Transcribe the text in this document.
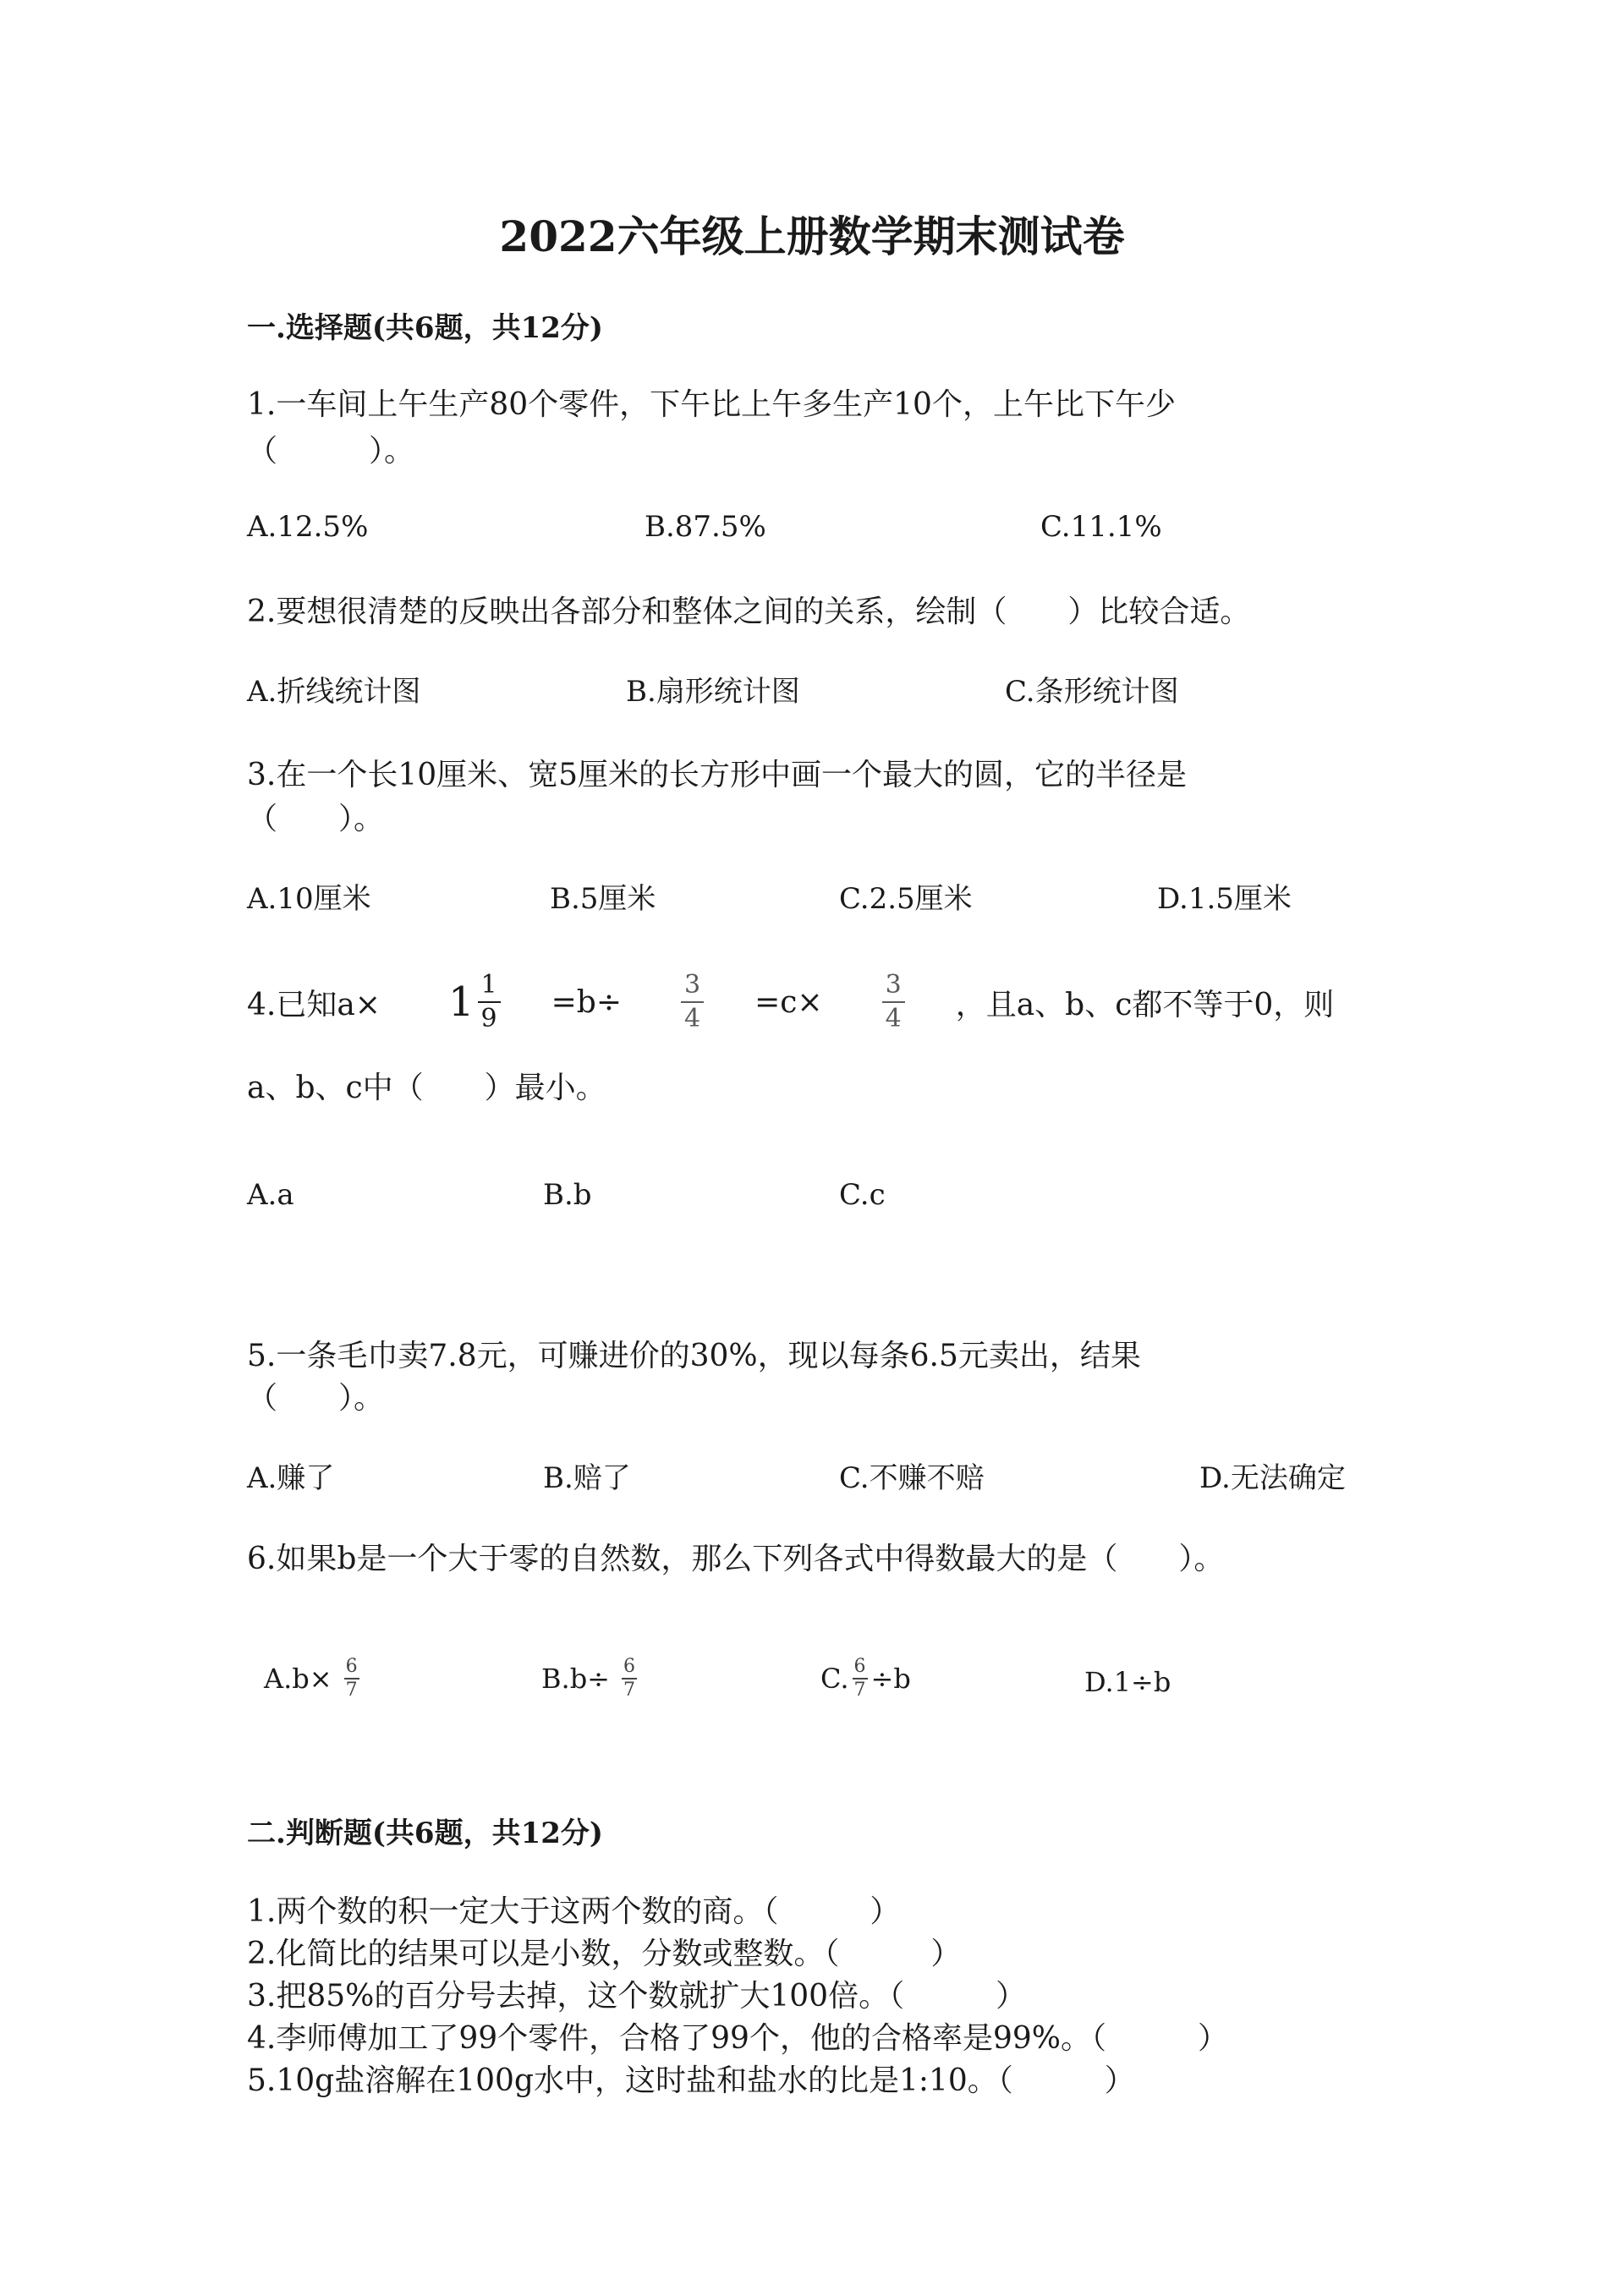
2022六年级上册数学期末测试卷
一.选择题(共6题，共12分)
1.一车间上午生产80个零件，下午比上午多生产10个，上午比下午少
（　　　）。
A.12.5%	B.87.5%	C.11.1%
2.要想很清楚的反映出各部分和整体之间的关系，绘制（　　）比较合适。
A.折线统计图	B.扇形统计图	C.条形统计图
3.在一个长10厘米、宽5厘米的长方形中画一个最大的圆，它的半径是
（　　）。
A.10厘米	B.5厘米	C.2.5厘米	D.1.5厘米
4.已知$a\times 1 \frac{1}{9} =b\div \frac{3}{4} =c\times \frac{3}{4}$ ，且a、b、c都不等于0，则
a、b、c中（　　）最小。
A.a	B.b	C.c
5.一条毛巾卖7.8元，可赚进价的30%，现以每条6.5元卖出，结果
（　　）。
A.赚了	B.赔了	C.不赚不赔	D.无法确定
6.如果b是一个大于零的自然数，那么下列各式中得数最大的是（　　）。
$A.b\times \frac{6}{7}$	$B.b\div \frac{6}{7}$	C. $\frac{6}{7} \div b$	D.1÷b
二.判断题(共6题，共12分)
1.两个数的积一定大于这两个数的商。（　　　）
2.化简比的结果可以是小数，分数或整数。（　　　）
3.把85%的百分号去掉，这个数就扩大100倍。（　　　）
4.李师傅加工了99个零件，合格了99个，他的合格率是99%。（　　　）
5.10g盐溶解在100g水中，这时盐和盐水的比是1:10。（　　　）
